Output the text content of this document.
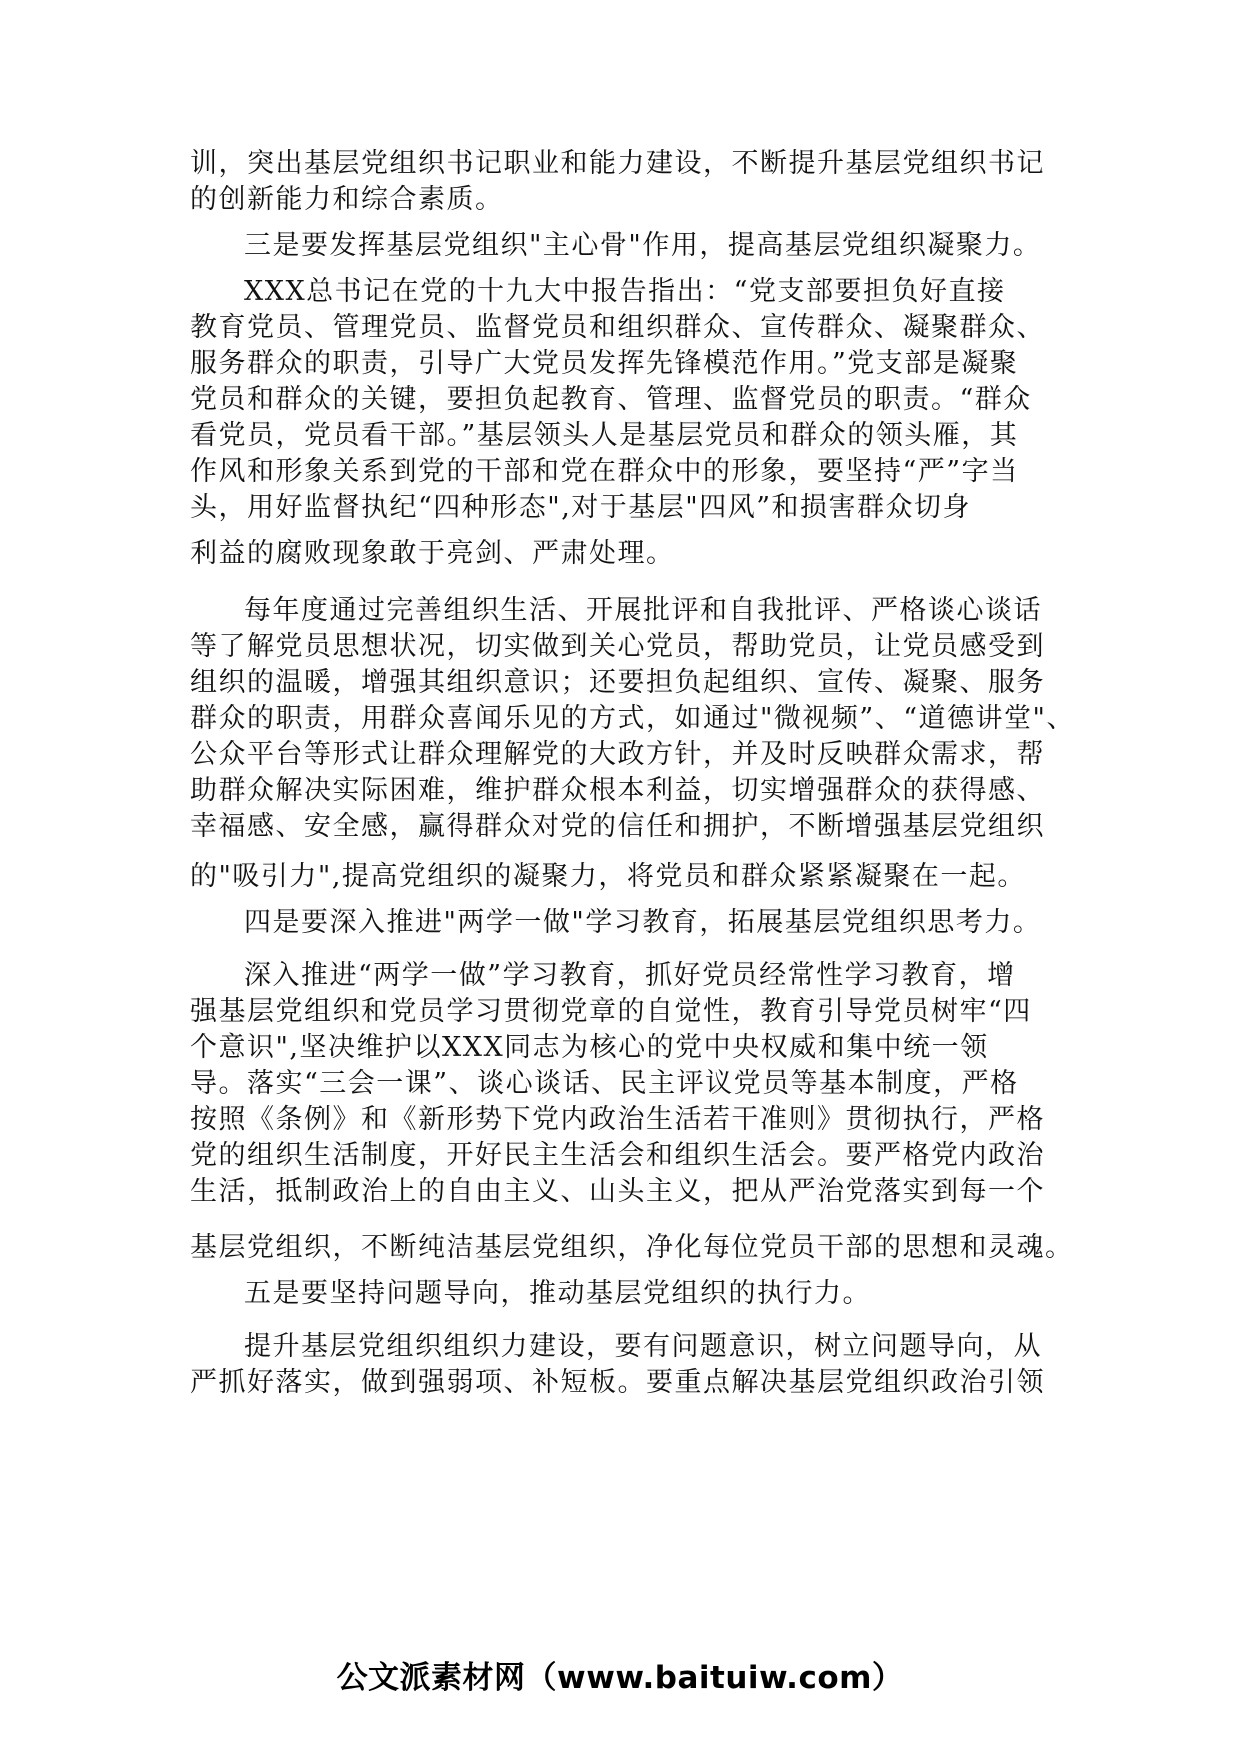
训，突出基层党组织书记职业和能力建设，不断提升基层党组织书记
的创新能力和综合素质。
三是要发挥基层党组织"主心骨"作用，提高基层党组织凝聚力。
XXX总书记在党的十九大中报告指出：“党支部要担负好直接
教育党员、管理党员、监督党员和组织群众、宣传群众、凝聚群众、
服务群众的职责，引导广大党员发挥先锋模范作用。”党支部是凝聚
党员和群众的关键，要担负起教育、管理、监督党员的职责。“群众
看党员，党员看干部。”基层领头人是基层党员和群众的领头雁，其
作风和形象关系到党的干部和党在群众中的形象，要坚持“严”字当
头，用好监督执纪“四种形态",对于基层"四风”和损害群众切身
利益的腐败现象敢于亮剑、严肃处理。
每年度通过完善组织生活、开展批评和自我批评、严格谈心谈话
等了解党员思想状况，切实做到关心党员，帮助党员，让党员感受到
组织的温暖，增强其组织意识；还要担负起组织、宣传、凝聚、服务
群众的职责，用群众喜闻乐见的方式，如通过"微视频”、“道德讲堂"、
公众平台等形式让群众理解党的大政方针，并及时反映群众需求，帮
助群众解决实际困难，维护群众根本利益，切实增强群众的获得感、
幸福感、安全感，赢得群众对党的信任和拥护，不断增强基层党组织
的"吸引力",提高党组织的凝聚力，将党员和群众紧紧凝聚在一起。
四是要深入推进"两学一做"学习教育，拓展基层党组织思考力。
深入推进“两学一做”学习教育，抓好党员经常性学习教育，增
强基层党组织和党员学习贯彻党章的自觉性，教育引导党员树牢“四
个意识",坚决维护以XXX同志为核心的党中央权威和集中统一领
导。落实“三会一课”、谈心谈话、民主评议党员等基本制度，严格
按照《条例》和《新形势下党内政治生活若干准则》贯彻执行，严格
党的组织生活制度，开好民主生活会和组织生活会。要严格党内政治
生活，抵制政治上的自由主义、山头主义，把从严治党落实到每一个
基层党组织，不断纯洁基层党组织，净化每位党员干部的思想和灵魂。
五是要坚持问题导向，推动基层党组织的执行力。
提升基层党组织组织力建设，要有问题意识，树立问题导向，从
严抓好落实，做到强弱项、补短板。要重点解决基层党组织政治引领
公文派素材网（www.baituiw.com）
